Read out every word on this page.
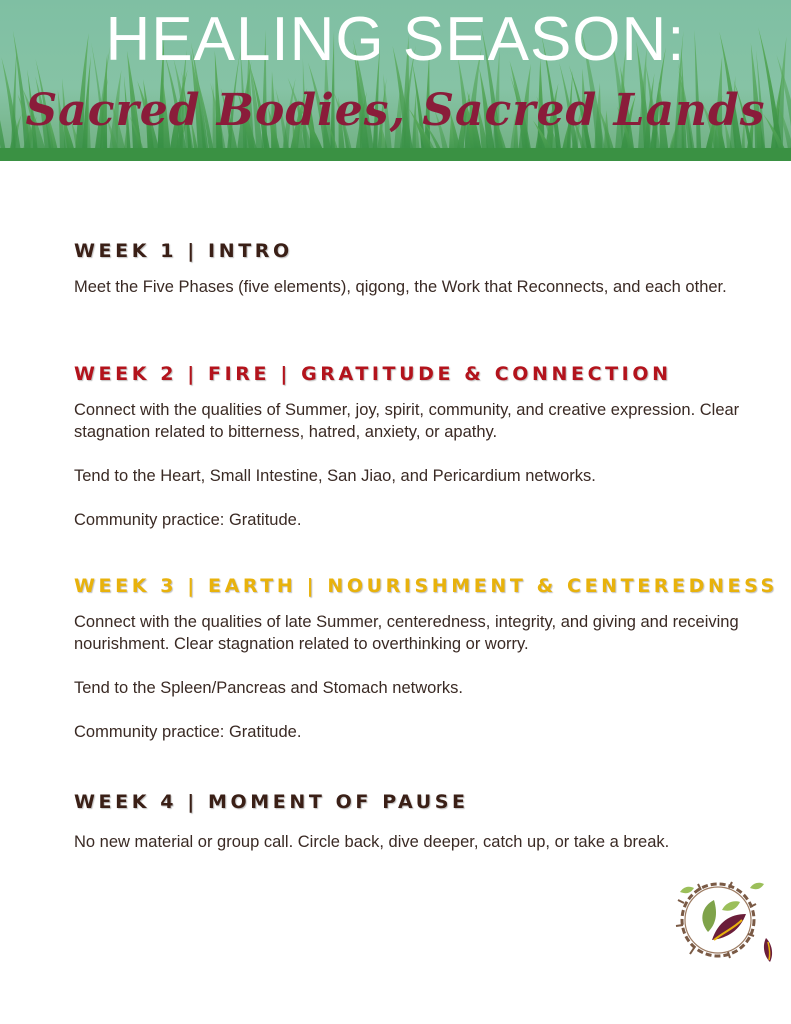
HEALING SEASON:
Sacred Bodies, Sacred Lands
WEEK 1 | INTRO

Meet the Five Phases (five elements), qigong, the Work that Reconnects, and each other.

WEEK 2 | FIRE | GRATITUDE & CONNECTION

Connect with the qualities of Summer, joy, spirit, community, and creative expression. Clear stagnation related to bitterness, hatred, anxiety, or apathy.

Tend to the Heart, Small Intestine, San Jiao, and Pericardium networks.

Community practice: Gratitude.

WEEK 3 | EARTH | NOURISHMENT & CENTEREDNESS

Connect with the qualities of late Summer, centeredness, integrity, and giving and receiving nourishment. Clear stagnation related to overthinking or worry.

Tend to the Spleen/Pancreas and Stomach networks.

Community practice: Gratitude.

WEEK 4 | MOMENT OF PAUSE

No new material or group call. Circle back, dive deeper, catch up, or take a break.
